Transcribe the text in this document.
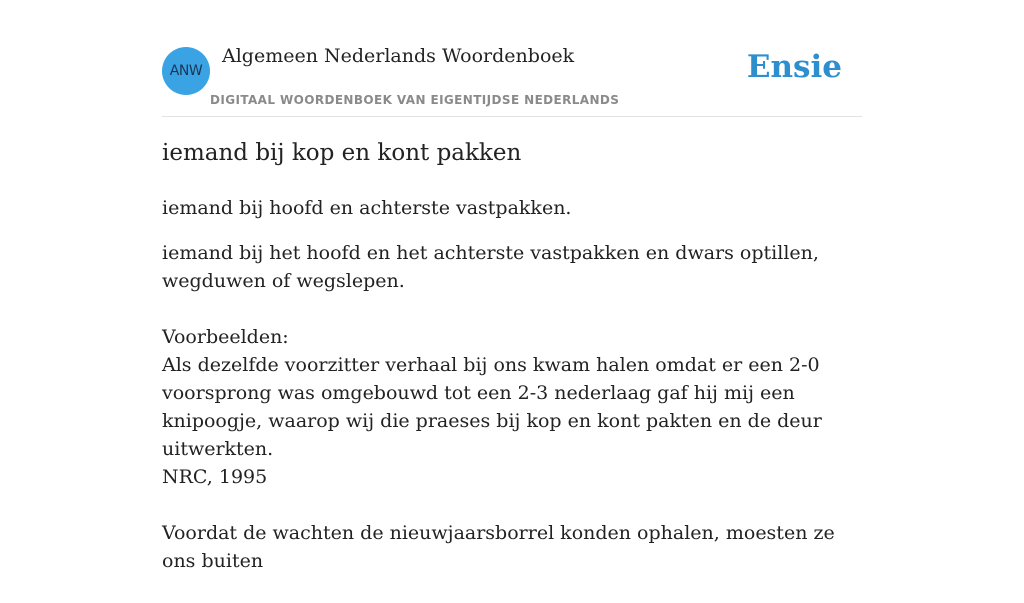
ANW
Algemeen Nederlands Woordenboek
DIGITAAL WOORDENBOEK VAN EIGENTIJDSE NEDERLANDS
Ensie
iemand bij kop en kont pakken

iemand bij hoofd en achterste vastpakken.

iemand bij het hoofd en het achterste vastpakken en dwars optillen, wegduwen of wegslepen.

Voorbeelden:
Als dezelfde voorzitter verhaal bij ons kwam halen omdat er een 2-0 voorsprong was omgebouwd tot een 2-3 nederlaag gaf hij mij een knipoogje, waarop wij die praeses bij kop en kont pakten en de deur uitwerkten.
NRC, 1995
Voordat de wachten de nieuwjaarsborrel konden ophalen, moesten ze ons buiten
